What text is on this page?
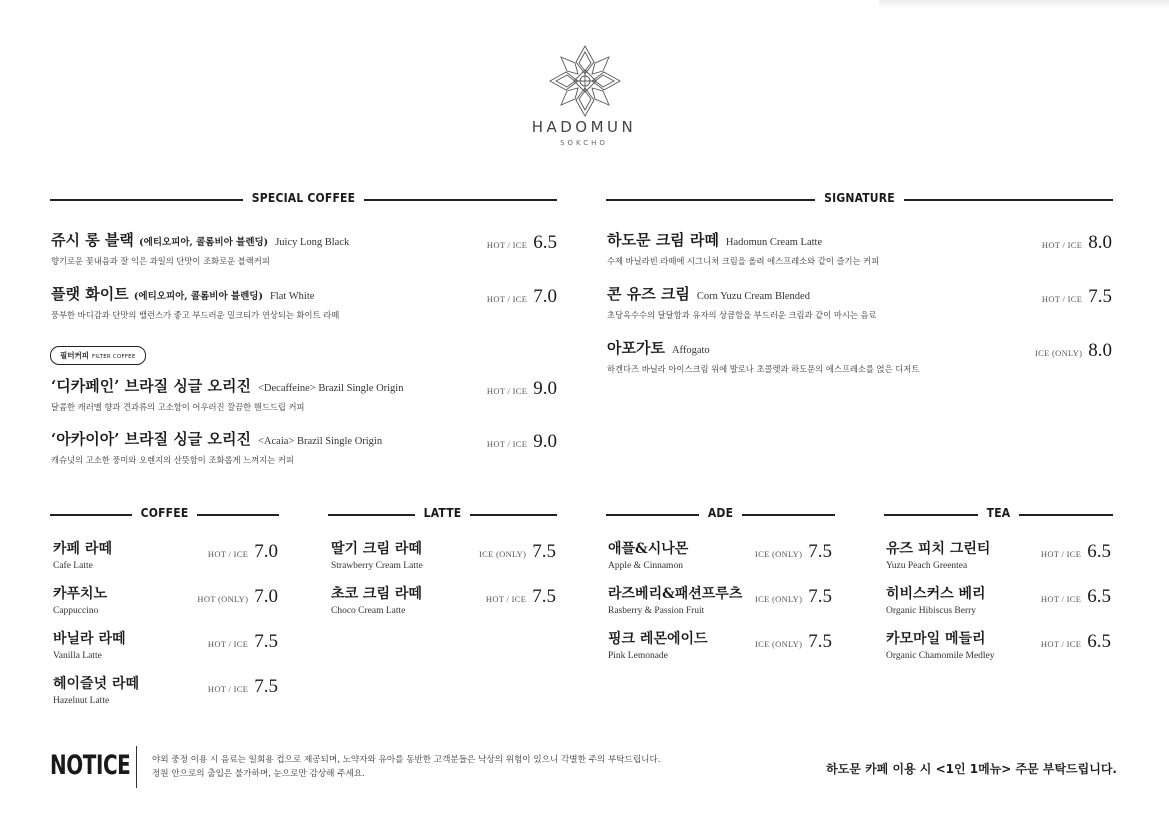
HADOMUN
SOKCHO
SPECIAL COFFEE	SIGNATURE
쥬시 롱 블랙 (에티오피아, 콜롬비아 블렌딩) Juicy Long Black
향기로운 꽃내음과 잘 익은 과일의 단맛이 조화로운 블랙커피
HOT / ICE 6.5
플랫 화이트 (에티오피아, 콜롬비아 블렌딩) Flat White
풍부한 바디감과 단맛의 밸런스가 좋고 부드러운 밀크티가 연상되는 화이트 라떼
HOT / ICE 7.0
필터커피 FILTER COFFEE
‘디카페인’ 브라질 싱글 오리진 <Decaffeine> Brazil Single Origin
달콤한 캐러멜 향과 견과류의 고소함이 어우러진 깔끔한 핸드드립 커피
HOT / ICE 9.0
‘아카이아’ 브라질 싱글 오리진 <Acaia> Brazil Single Origin
캐슈넛의 고소한 풍미와 오렌지의 산뜻함이 조화롭게 느껴지는 커피
HOT / ICE 9.0
하도문 크림 라떼 Hadomun Cream Latte
수제 바닐라빈 라떼에 시그니처 크림을 올려 에스프레소와 같이 즐기는 커피
HOT / ICE 8.0
콘 유즈 크림 Corn Yuzu Cream Blended
초당옥수수의 달달함과 유자의 상큼함을 부드러운 크림과 같이 마시는 음료
HOT / ICE 7.5
아포가토 Affogato
하겐다즈 바닐라 아이스크림 위에 발로나 초콜렛과 하도문의 에스프레소를 얹은 디저트
ICE (ONLY) 8.0
COFFEE	LATTE	ADE	TEA
카페 라떼
Cafe Latte
HOT / ICE 7.0
카푸치노
Cappuccino
HOT (ONLY) 7.0
바닐라 라떼
Vanilla Latte
HOT / ICE 7.5
헤이즐넛 라떼
Hazelnut Latte
HOT / ICE 7.5
딸기 크림 라떼
Strawberry Cream Latte
ICE (ONLY) 7.5
초코 크림 라떼
Choco Cream Latte
HOT / ICE 7.5
애플&시나몬
Apple & Cinnamon
ICE (ONLY) 7.5
라즈베리&패션프루츠
Rasberry & Passion Fruit
ICE (ONLY) 7.5
핑크 레몬에이드
Pink Lemonade
ICE (ONLY) 7.5
유즈 피치 그린티
Yuzu Peach Greentea
HOT / ICE 6.5
히비스커스 베리
Organic Hibiscus Berry
HOT / ICE 6.5
카모마일 메들리
Organic Chamomile Medley
HOT / ICE 6.5
NOTICE	야외 중정 이용 시 음료는 일회용 컵으로 제공되며, 노약자와 유아를 동반한 고객분들은 낙상의 위험이 있으니 각별한 주의 부탁드립니다.
정원 안으로의 출입은 불가하며, 눈으로만 감상해 주세요.	하도문 카페 이용 시 <1인 1메뉴> 주문 부탁드립니다.
